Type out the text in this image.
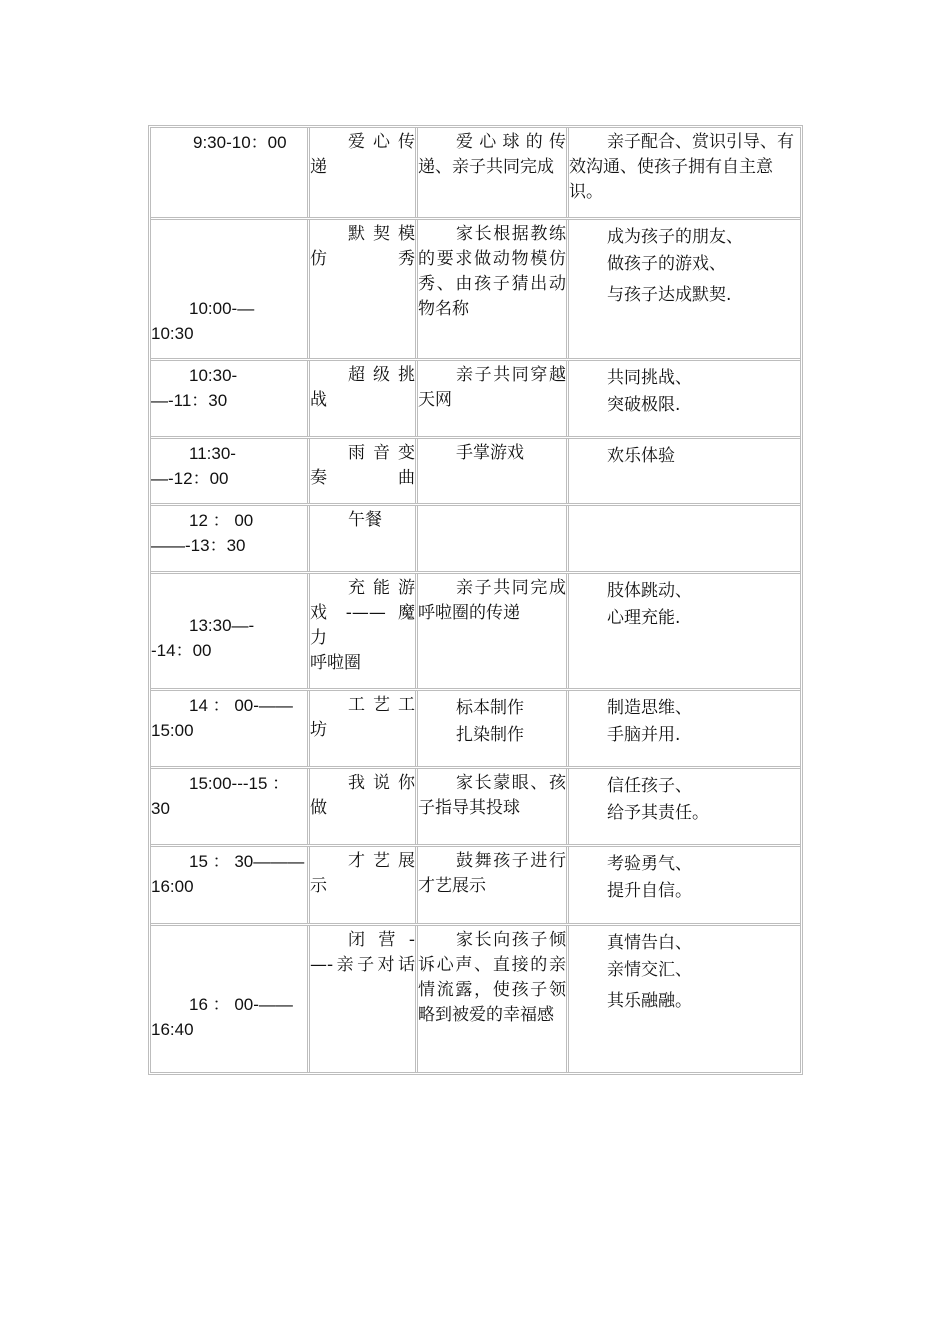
9:30-10：00	爱 心 传
递
爱心球的传递、亲子共同完成
亲子配合、赏识引导、有效沟通、使孩子拥有自主意识。
10:00-—10:30
默 契 模
仿秀
家长根据教练的要求做动物模仿秀、由孩子猜出动物名称
成为孩子的朋友、
做孩子的游戏、
与孩子达成默契.
10:30-—-11：30
超 级 挑
战
亲子共同穿越天网
共同挑战、
突破极限.
11:30-—-12：00
雨 音 变
奏曲
手掌游戏	欢乐体验
12 ： 00——-13：30
午餐
13:30—--14：00
充 能 游
戏 -—— 魔 力
呼啦圈
亲子共同完成呼啦圈的传递
肢体跳动、
心理充能.
14 ： 00-——15:00
工 艺 工
坊
标本制作
扎染制作
制造思维、
手脑并用.
15:00---15 ：30
我 说 你
做
家长蒙眼、孩子指导其投球
信任孩子、
给予其责任。
15 ： 30———16:00
才 艺 展
示
鼓舞孩子进行才艺展示
考验勇气、
提升自信。
16 ： 00-——16:40
闭 营 -
—-亲子对话
家长向孩子倾诉心声、直接的亲情流露，使孩子领略到被爱的幸福感
真情告白、
亲情交汇、
其乐融融。
